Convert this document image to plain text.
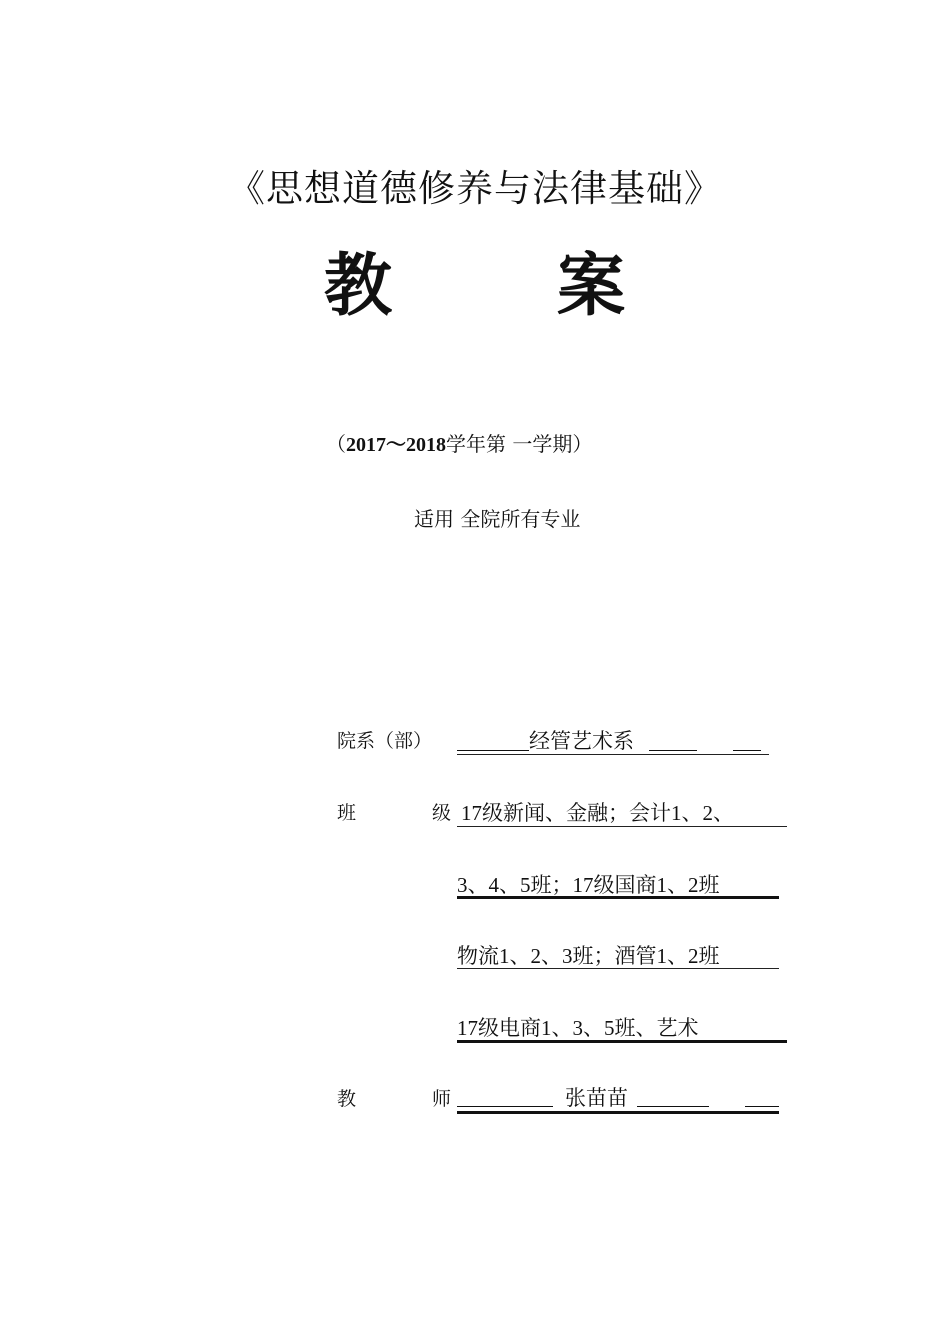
《思想道德修养与法律基础》
教 案
（2017～2018学年第 一学期）
适用 全院所有专业
院系（部）	经管艺术系
班	级 17级新闻、金融；会计1、2、
3、4、5班；17级国商1、2班
物流1、2、3班；酒管1、2班
17级电商1、3、5班、艺术
教	师	张苗苗
